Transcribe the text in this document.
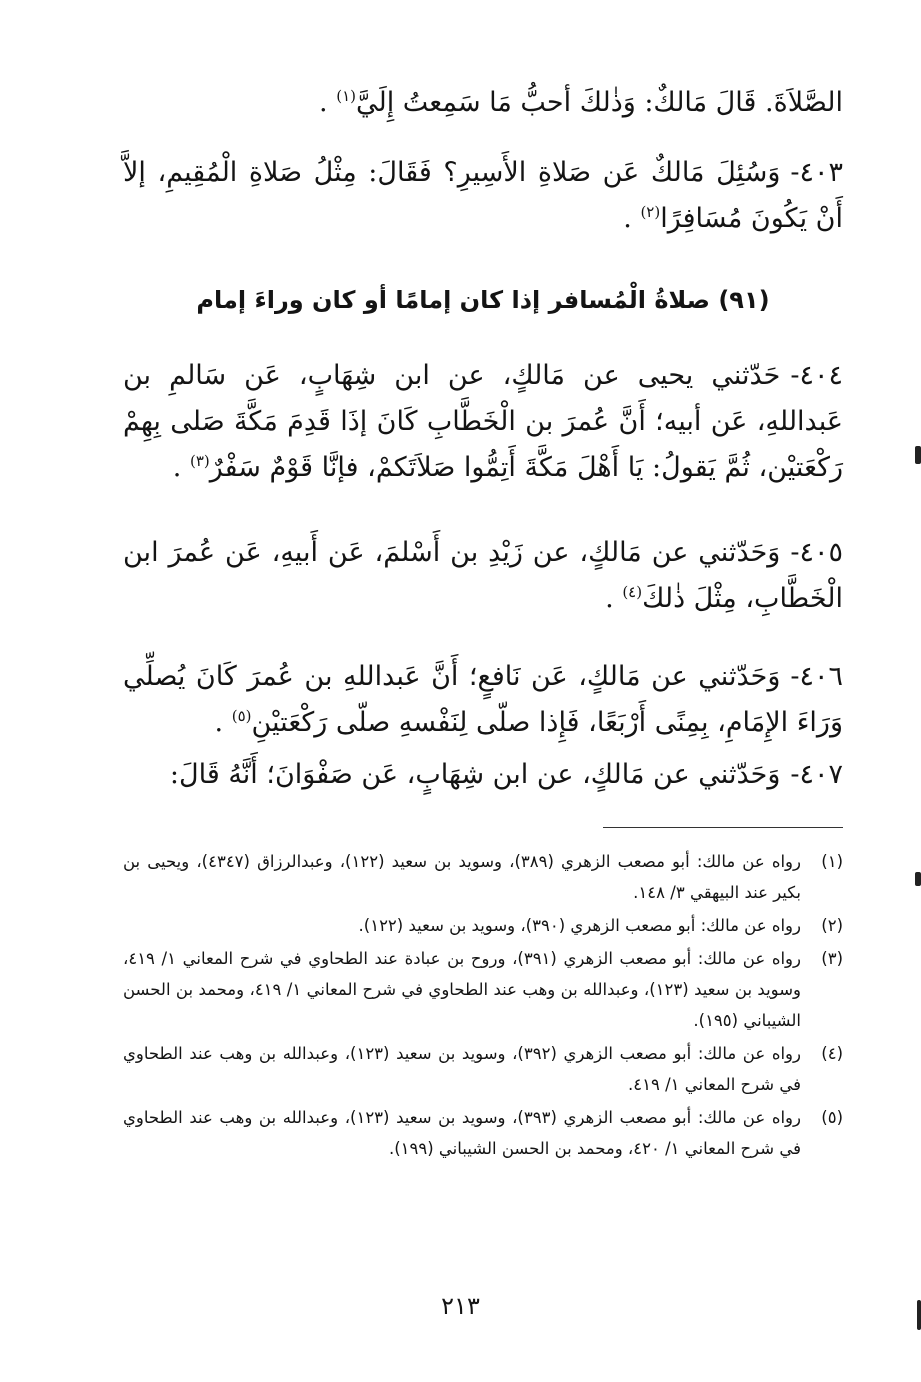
الصَّلاَةَ. قَالَ مَالكٌ: وَذٰلكَ أحبُّ مَا سَمِعتُ إِلَيَّ$^{(١)}$ .

٤٠٣-وَسُئِلَ مَالكٌ عَن صَلاةِ الأَسِيرِ؟ فَقَالَ: مِثْلُ صَلاةِ الْمُقِيمِ، إلاَّ أَنْ يَكُونَ مُسَافِرًا$^{(٢)}$ .

(٩١) صلاةُ الْمُسافر إذا كان إمامًا أو كان وراءَ إمام

٤٠٤-حَدّثني يحيى عن مَالكٍ، عن ابن شِهَابٍ، عَن سَالمِ بن عَبداللهِ، عَن أبيه؛ أَنَّ عُمرَ بن الْخَطَّابِ كَانَ إذَا قَدِمَ مَكَّةَ صَلى بِهِمْ رَكْعَتيْن، ثُمَّ يَقولُ: يَا أَهْلَ مَكَّةَ أَتِمُّوا صَلاَتَكمْ، فإنَّا قَوْمٌ سَفْرٌ$^{(٣)}$ .

٤٠٥-وَحَدّثني عن مَالكٍ، عن زَيْدِ بن أَسْلمَ، عَن أَبيهِ، عَن عُمرَ ابن الْخَطَّابِ، مِثْلَ ذٰلكَ$^{(٤)}$ .

٤٠٦-وَحَدّثني عن مَالكٍ، عَن نَافعٍ؛ أَنَّ عَبداللهِ بن عُمرَ كَانَ يُصلِّي وَرَاءَ الإِمَامِ، بِمِنًى أَرْبَعًا، فَإِذا صلّى لِنَفْسهِ صلّى رَكْعَتيْنِ$^{(٥)}$ .

٤٠٧-وَحَدّثني عن مَالكٍ، عن ابن شِهَابٍ، عَن صَفْوَانَ؛ أَنَّهُ قَالَ:

(١)
رواه عن مالك: أبو مصعب الزهري (٣٨٩)، وسويد بن سعيد (١٢٢)، وعبدالرزاق (٤٣٤٧)، ويحيى بن بكير عند البيهقي ٣/ ١٤٨.
(٢)
رواه عن مالك: أبو مصعب الزهري (٣٩٠)، وسويد بن سعيد (١٢٢).
(٣)
رواه عن مالك: أبو مصعب الزهري (٣٩١)، وروح بن عبادة عند الطحاوي في شرح المعاني ١/ ٤١٩، وسويد بن سعيد (١٢٣)، وعبدالله بن وهب عند الطحاوي في شرح المعاني ١/ ٤١٩، ومحمد بن الحسن الشيباني (١٩٥).
(٤)
رواه عن مالك: أبو مصعب الزهري (٣٩٢)، وسويد بن سعيد (١٢٣)، وعبدالله بن وهب عند الطحاوي في شرح المعاني ١/ ٤١٩.
(٥)
رواه عن مالك: أبو مصعب الزهري (٣٩٣)، وسويد بن سعيد (١٢٣)، وعبدالله بن وهب عند الطحاوي في شرح المعاني ١/ ٤٢٠، ومحمد بن الحسن الشيباني (١٩٩).
٢١٣
